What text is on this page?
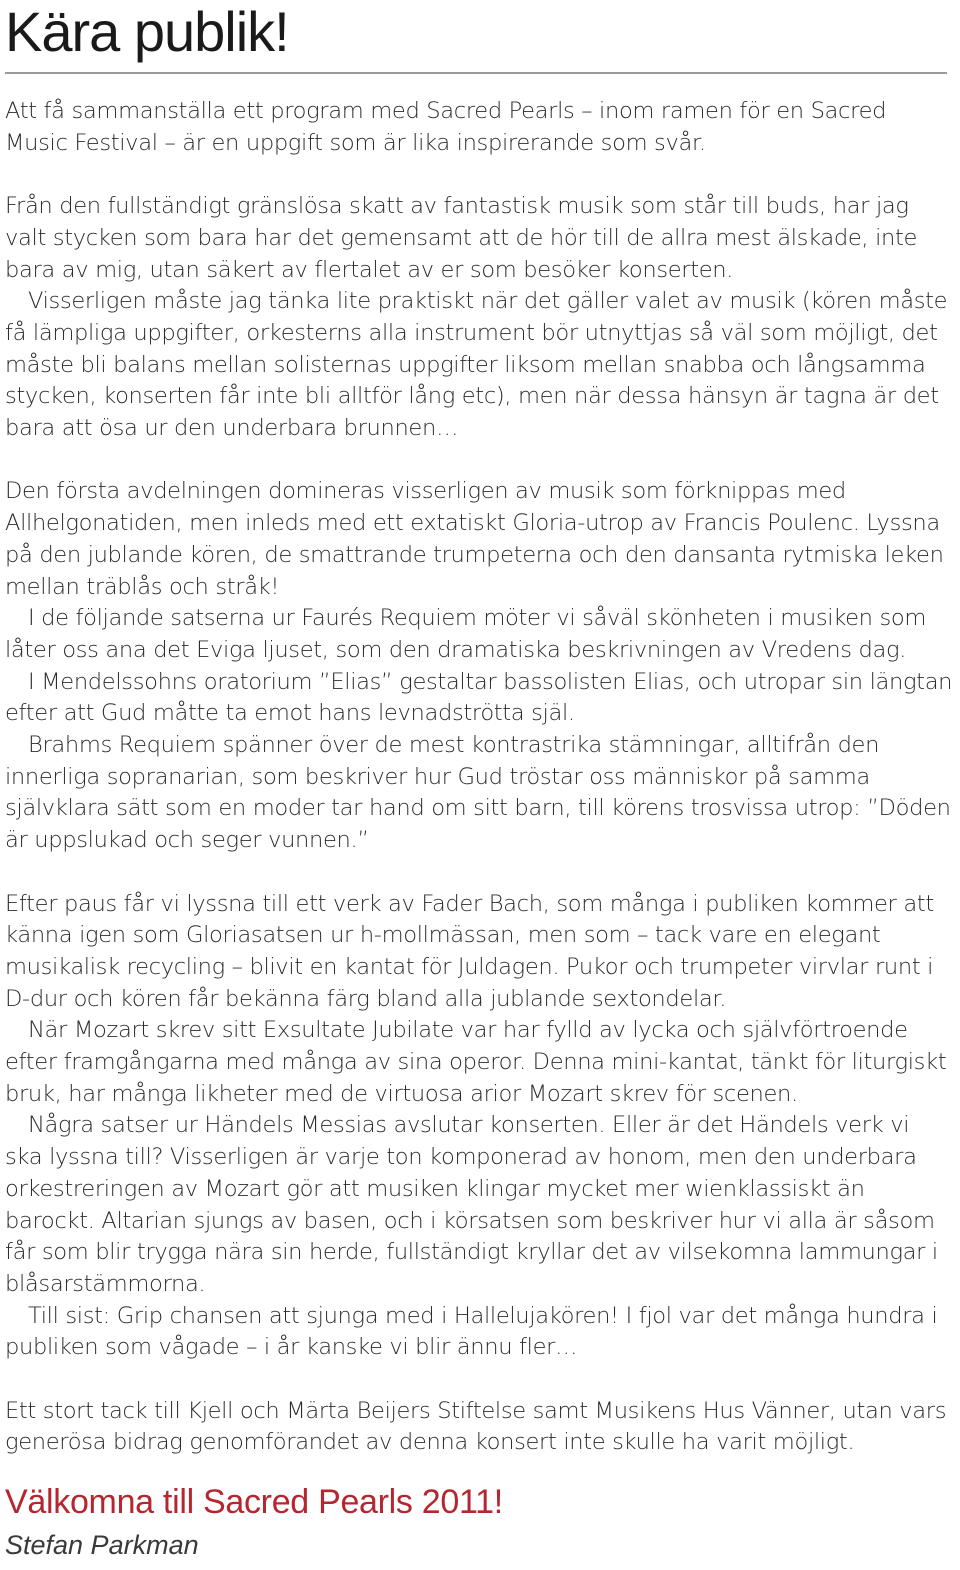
Kära publik!

Att få sammanställa ett program med Sacred Pearls – inom ramen för en Sacred Music Festival – är en uppgift som är lika inspirerande som svår.

Från den fullständigt gränslösa skatt av fantastisk musik som står till buds, har jag valt stycken som bara har det gemensamt att de hör till de allra mest älskade, inte bara av mig, utan säkert av flertalet av er som besöker konserten.

Visserligen måste jag tänka lite praktiskt när det gäller valet av musik (kören måste få lämpliga uppgifter, orkesterns alla instrument bör utnyttjas så väl som möjligt, det måste bli balans mellan solisternas uppgifter liksom mellan snabba och långsamma stycken, konserten får inte bli alltför lång etc), men när dessa hänsyn är tagna är det bara att ösa ur den underbara brunnen…

Den första avdelningen domineras visserligen av musik som förknippas med Allhelgonatiden, men inleds med ett extatiskt Gloria-utrop av Francis Poulenc. Lyssna på den jublande kören, de smattrande trumpeterna och den dansanta rytmiska leken mellan träblås och stråk!

I de följande satserna ur Faurés Requiem möter vi såväl skönheten i musiken som låter oss ana det Eviga ljuset, som den dramatiska beskrivningen av Vredens dag.

I Mendelssohns oratorium ”Elias” gestaltar bassolisten Elias, och utropar sin längtan efter att Gud måtte ta emot hans levnadströtta själ.

Brahms Requiem spänner över de mest kontrastrika stämningar, alltifrån den innerliga sopranarian, som beskriver hur Gud tröstar oss människor på samma självklara sätt som en moder tar hand om sitt barn, till körens trosvissa utrop: ”Döden är uppslukad och seger vunnen.”

Efter paus får vi lyssna till ett verk av Fader Bach, som många i publiken kommer att känna igen som Gloriasatsen ur h-mollmässan, men som – tack vare en elegant musikalisk recycling – blivit en kantat för Juldagen. Pukor och trumpeter virvlar runt i D-dur och kören får bekänna färg bland alla jublande sextondelar.

När Mozart skrev sitt Exsultate Jubilate var har fylld av lycka och självförtroende efter framgångarna med många av sina operor. Denna mini-kantat, tänkt för liturgiskt bruk, har många likheter med de virtuosa arior Mozart skrev för scenen.

Några satser ur Händels Messias avslutar konserten. Eller är det Händels verk vi ska lyssna till? Visserligen är varje ton komponerad av honom, men den underbara orkestreringen av Mozart gör att musiken klingar mycket mer wienklassiskt än barockt. Altarian sjungs av basen, och i körsatsen som beskriver hur vi alla är såsom får som blir trygga nära sin herde, fullständigt kryllar det av vilsekomna lammungar i blåsarstämmorna.

Till sist: Grip chansen att sjunga med i Hallelujakören! I fjol var det många hundra i publiken som vågade – i år kanske vi blir ännu fler…

Ett stort tack till Kjell och Märta Beijers Stiftelse samt Musikens Hus Vänner, utan vars generösa bidrag genomförandet av denna konsert inte skulle ha varit möjligt.

Välkomna till Sacred Pearls 2011!
Stefan Parkman
